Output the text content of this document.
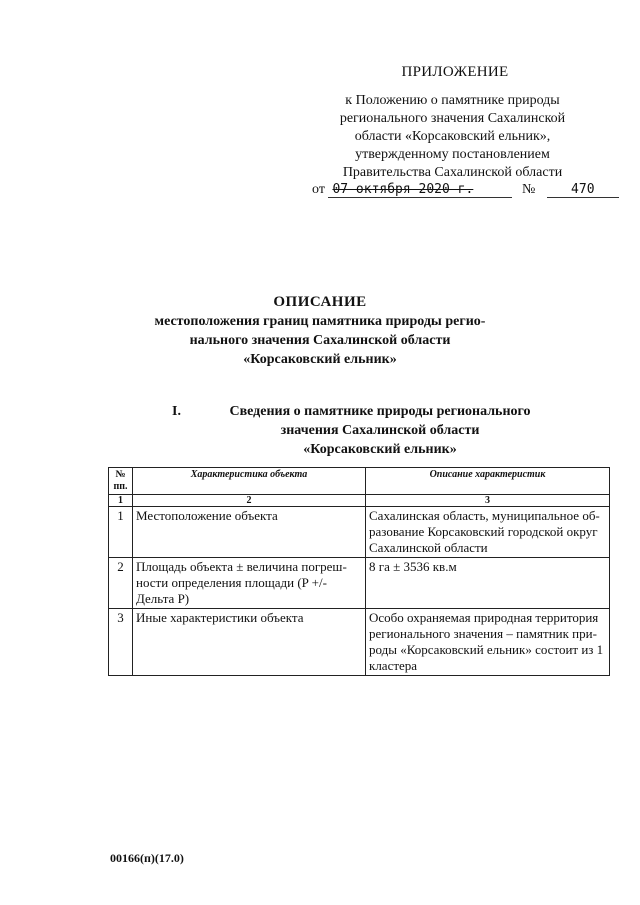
ПРИЛОЖЕНИЕ
к Положению о памятнике природы
регионального значения Сахалинской
области «Корсаковский ельник»,
утвержденному постановлением
Правительства Сахалинской области
от 07 октября 2020 г.	№	470
ОПИСАНИЕ
местоположения границ памятника природы регио-
нального значения Сахалинской области
«Корсаковский ельник»
I.	Сведения о памятнике природы регионального
значения Сахалинской области
«Корсаковский ельник»
№ пп.	Характеристика объекта	Описание характеристик
1	2	3
1	Местоположение объекта	Сахалинская область, муниципальное об-разование Корсаковский городской округ Сахалинской области
2	Площадь объекта ± величина погреш-ности определения площади (P +/- Дельта P)	8 га ± 3536 кв.м
3	Иные характеристики объекта	Особо охраняемая природная территория регионального значения – памятник при-роды «Корсаковский ельник» состоит из 1 кластера
00166(п)(17.0)
